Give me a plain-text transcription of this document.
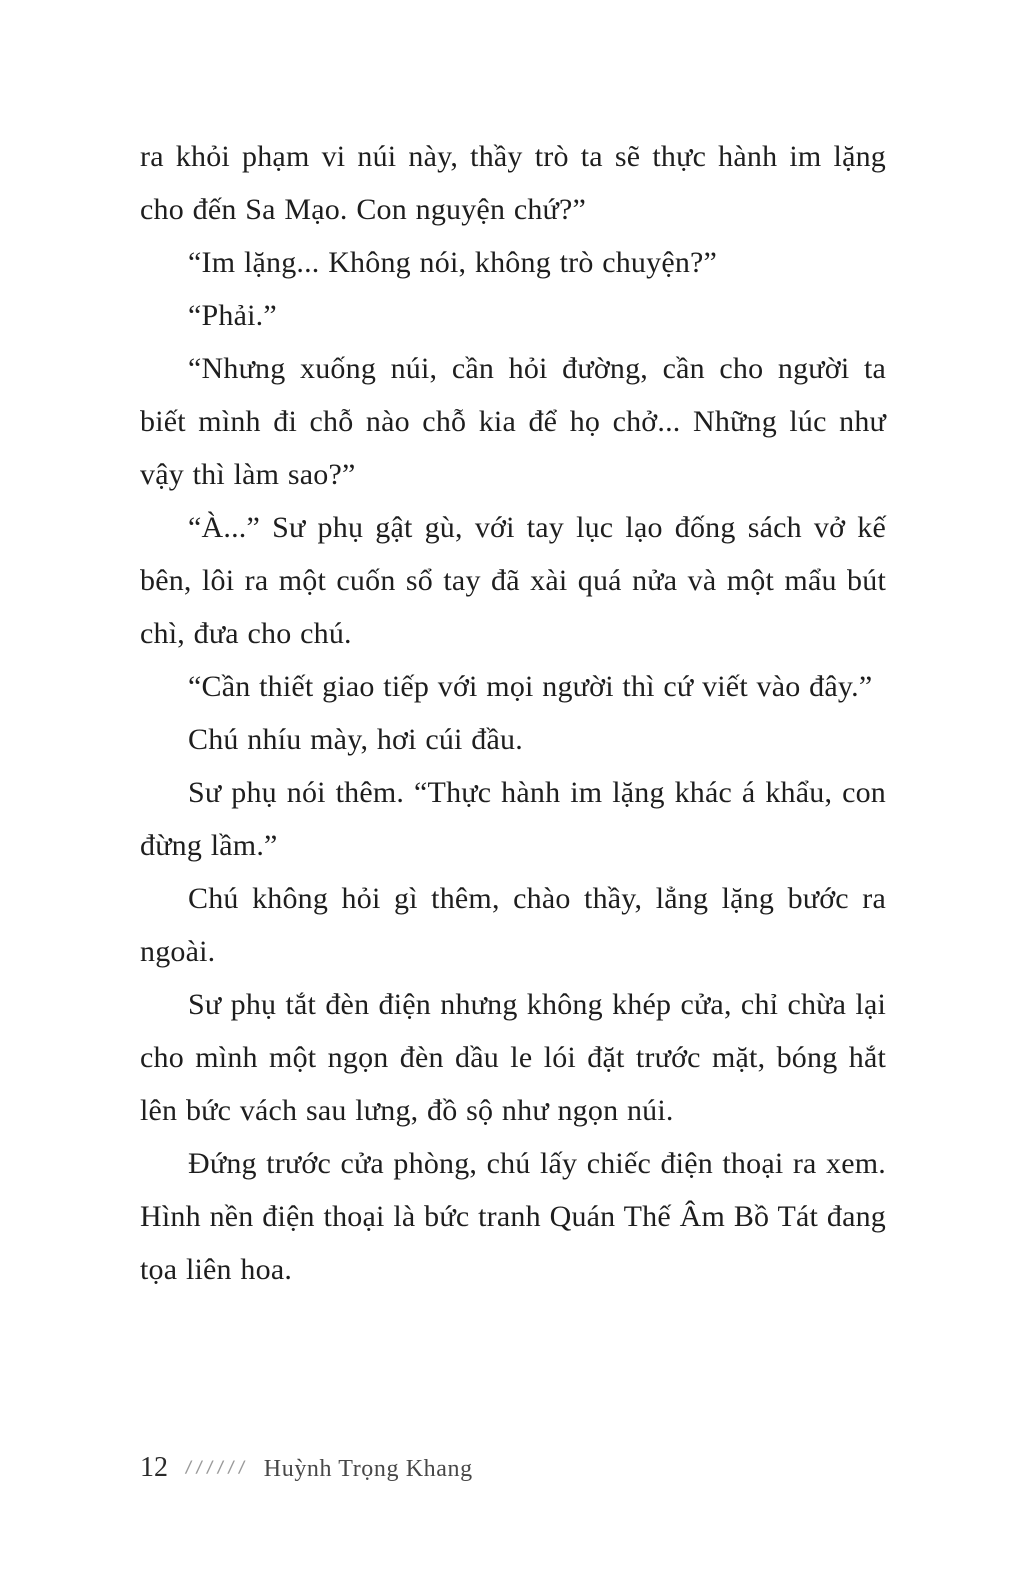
ra khỏi phạm vi núi này, thầy trò ta sẽ thực hành im lặng cho đến Sa Mạo. Con nguyện chứ?”

“Im lặng... Không nói, không trò chuyện?”

“Phải.”

“Nhưng xuống núi, cần hỏi đường, cần cho người ta biết mình đi chỗ nào chỗ kia để họ chở... Những lúc như vậy thì làm sao?”

“À...” Sư phụ gật gù, với tay lục lạo đống sách vở kế bên, lôi ra một cuốn sổ tay đã xài quá nửa và một mẩu bút chì, đưa cho chú.

“Cần thiết giao tiếp với mọi người thì cứ viết vào đây.”

Chú nhíu mày, hơi cúi đầu.

Sư phụ nói thêm. “Thực hành im lặng khác á khẩu, con đừng lầm.”

Chú không hỏi gì thêm, chào thầy, lẳng lặng bước ra ngoài.

Sư phụ tắt đèn điện nhưng không khép cửa, chỉ chừa lại cho mình một ngọn đèn dầu le lói đặt trước mặt, bóng hắt lên bức vách sau lưng, đồ sộ như ngọn núi.

Đứng trước cửa phòng, chú lấy chiếc điện thoại ra xem. Hình nền điện thoại là bức tranh Quán Thế Âm Bồ Tát đang tọa liên hoa.

12 ////// Huỳnh Trọng Khang
